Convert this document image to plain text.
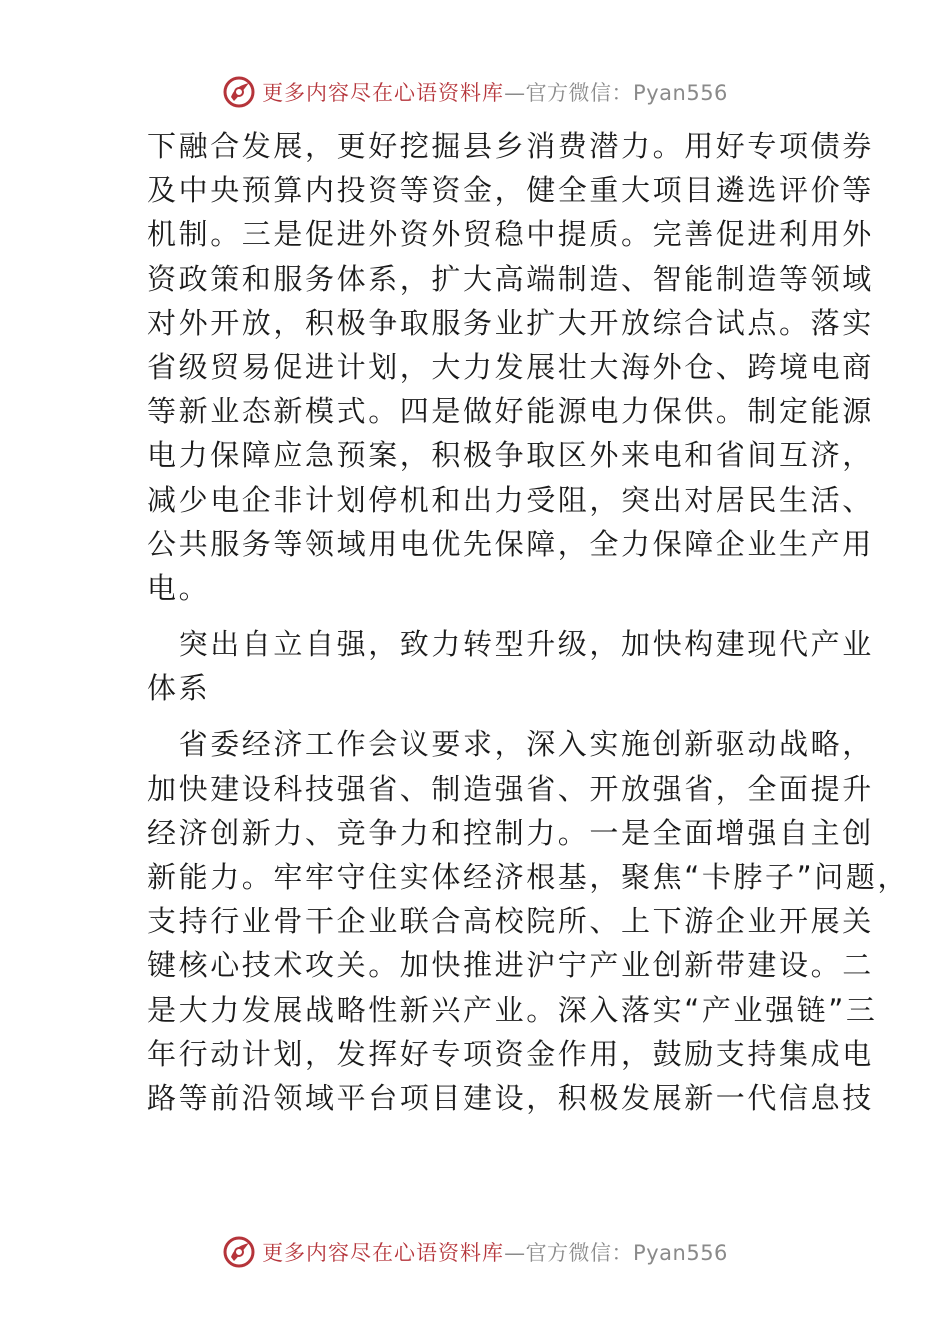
更多内容尽在心语资料库—官方微信：Pyan556
下融合发展，更好挖掘县乡消费潜力。用好专项债券
及中央预算内投资等资金，健全重大项目遴选评价等
机制。三是促进外资外贸稳中提质。完善促进利用外
资政策和服务体系，扩大高端制造、智能制造等领域
对外开放，积极争取服务业扩大开放综合试点。落实
省级贸易促进计划，大力发展壮大海外仓、跨境电商
等新业态新模式。四是做好能源电力保供。制定能源
电力保障应急预案，积极争取区外来电和省间互济，
减少电企非计划停机和出力受阻，突出对居民生活、
公共服务等领域用电优先保障，全力保障企业生产用
电。
　突出自立自强，致力转型升级，加快构建现代产业
体系
　省委经济工作会议要求，深入实施创新驱动战略，
加快建设科技强省、制造强省、开放强省，全面提升
经济创新力、竞争力和控制力。一是全面增强自主创
新能力。牢牢守住实体经济根基，聚焦“卡脖子”问题，
支持行业骨干企业联合高校院所、上下游企业开展关
键核心技术攻关。加快推进沪宁产业创新带建设。二
是大力发展战略性新兴产业。深入落实“产业强链”三
年行动计划，发挥好专项资金作用，鼓励支持集成电
路等前沿领域平台项目建设，积极发展新一代信息技
更多内容尽在心语资料库—官方微信：Pyan556
